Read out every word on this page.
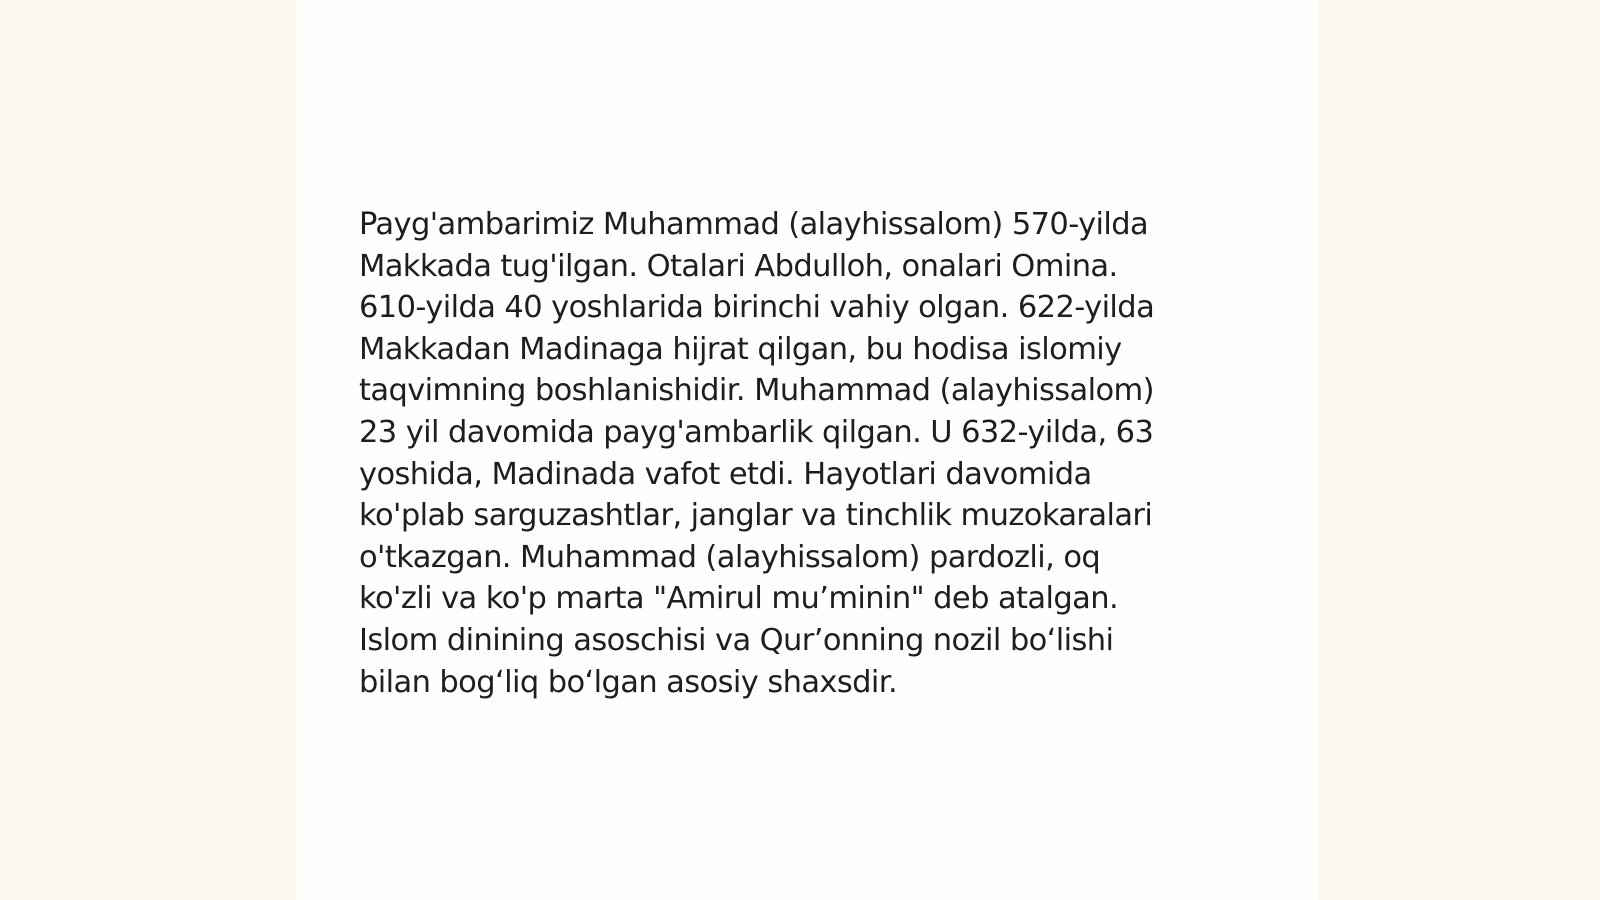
Payg'ambarimiz Muhammad (alayhissalom) 570-yilda
Makkada tug'ilgan. Otalari Abdulloh, onalari Omina.
610-yilda 40 yoshlarida birinchi vahiy olgan. 622-yilda
Makkadan Madinaga hijrat qilgan, bu hodisa islomiy
taqvimning boshlanishidir. Muhammad (alayhissalom)
23 yil davomida payg'ambarlik qilgan. U 632-yilda, 63
yoshida, Madinada vafot etdi. Hayotlari davomida
ko'plab sarguzashtlar, janglar va tinchlik muzokaralari
o'tkazgan. Muhammad (alayhissalom) pardozli, oq
ko'zli va ko'p marta "Amirul mu’minin" deb atalgan.
Islom dinining asoschisi va Qur’onning nozil bo‘lishi
bilan bog‘liq bo‘lgan asosiy shaxsdir.
